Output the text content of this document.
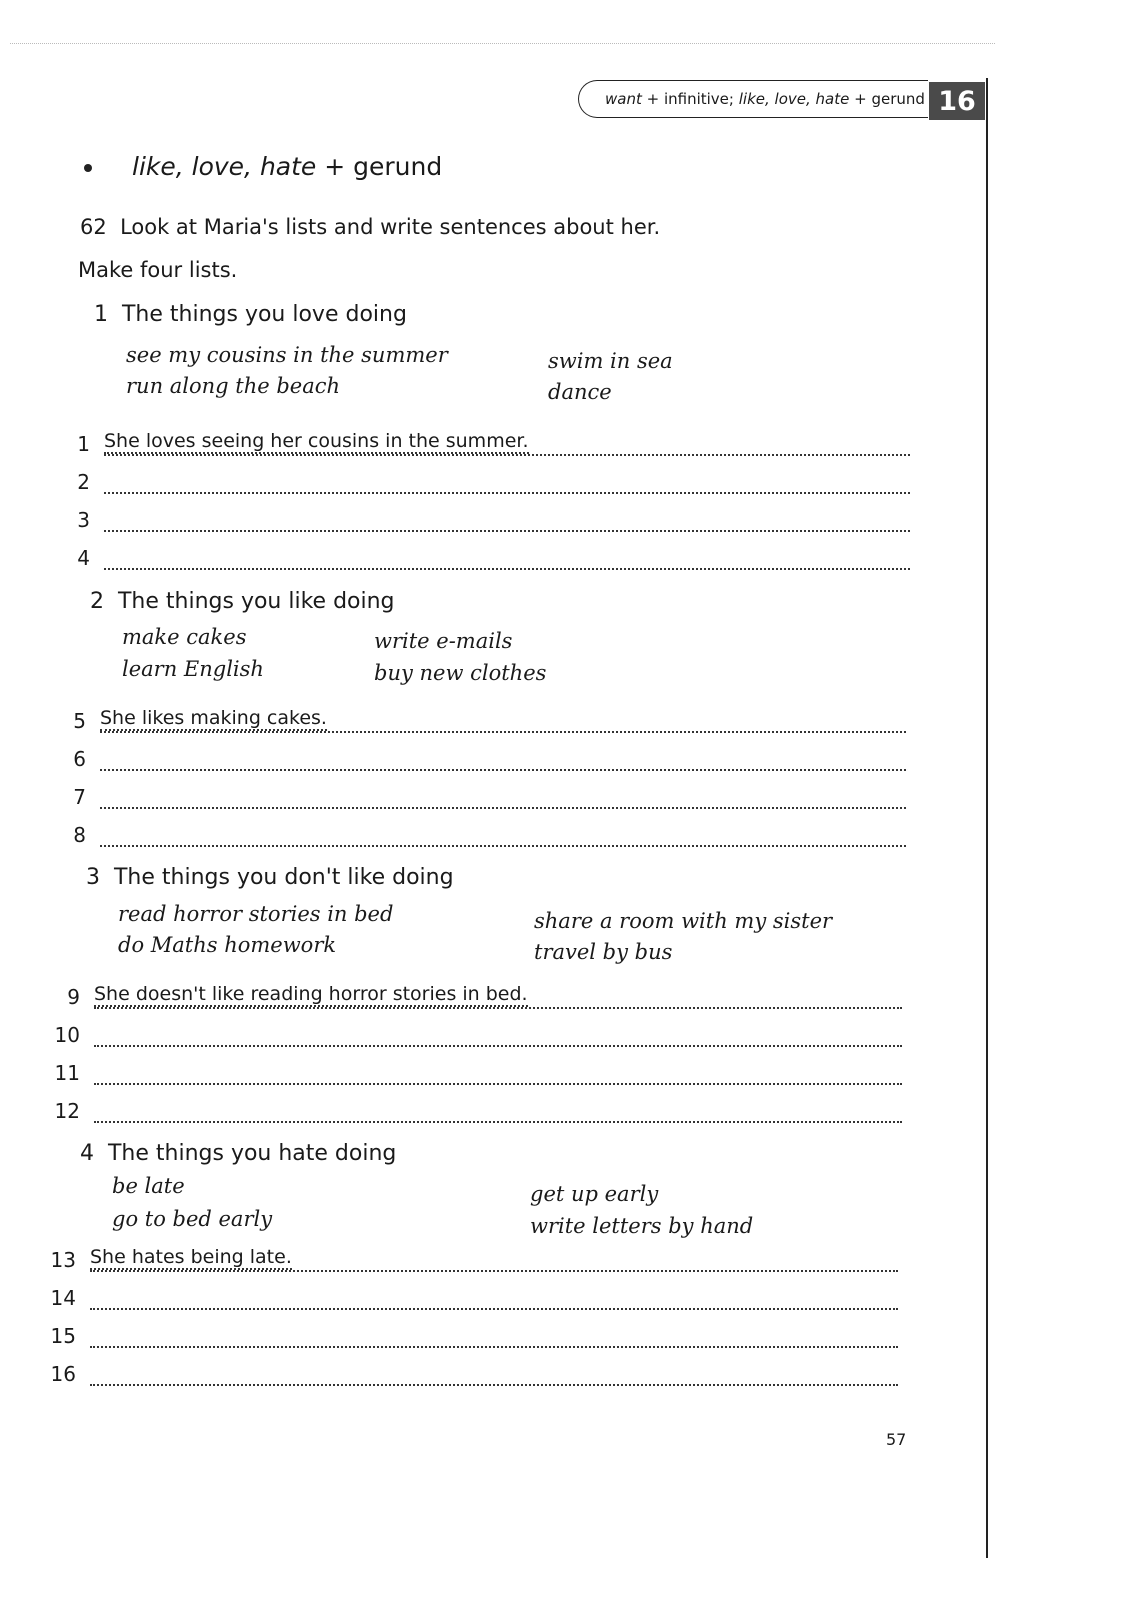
want + infinitive; like, love, hate + gerund 16
like, love, hate + gerund
62  Look at Maria's lists and write sentences about her.
Make four lists.
1  The things you love doing
see my cousins in the summer
run along the beach
swim in sea
dance
1 She loves seeing her cousins in the summer.
2
3
4
2  The things you like doing
make cakes
learn English
write e-mails
buy new clothes
5 She likes making cakes.
6
7
8
3  The things you don't like doing
read horror stories in bed
do Maths homework
share a room with my sister
travel by bus
9 She doesn't like reading horror stories in bed.
10
11
12
4  The things you hate doing
be late
go to bed early
get up early
write letters by hand
13 She hates being late.
14
15
16
57
